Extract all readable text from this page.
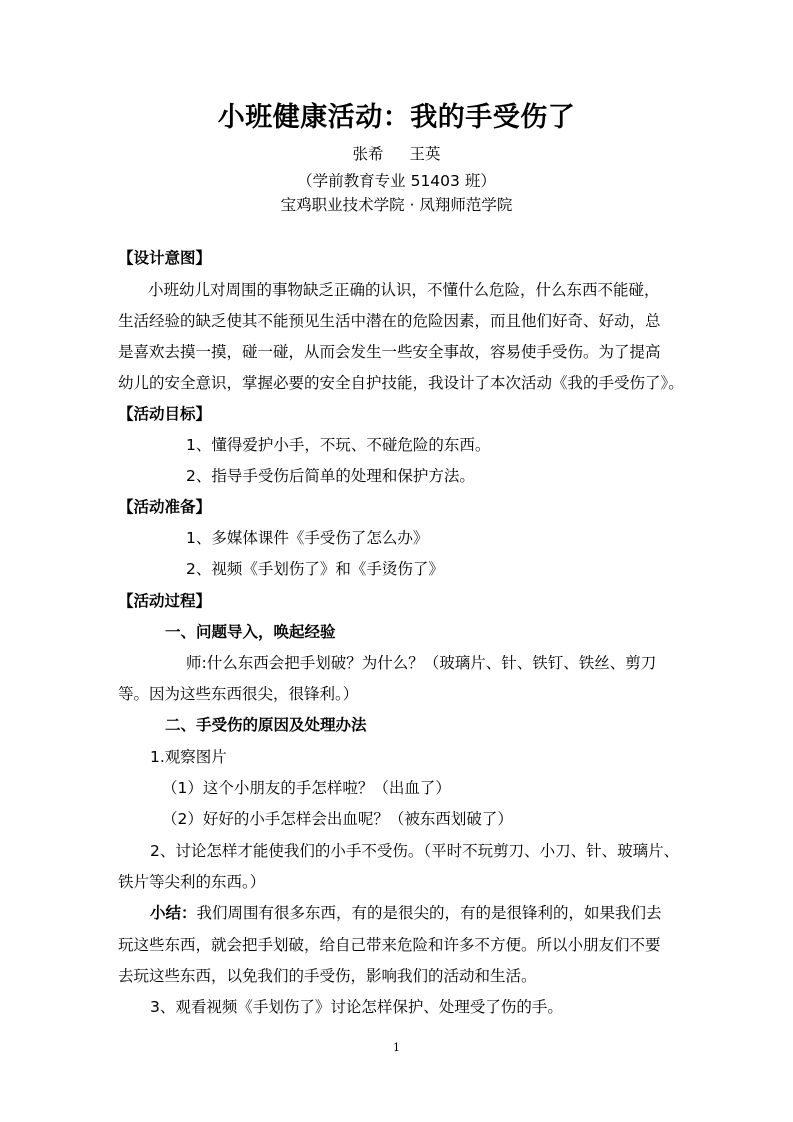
小班健康活动：我的手受伤了
张希 王英
（学前教育专业 51403 班）
宝鸡职业技术学院 · 凤翔师范学院
【设计意图】
小班幼儿对周围的事物缺乏正确的认识，不懂什么危险，什么东西不能碰，
生活经验的缺乏使其不能预见生活中潜在的危险因素，而且他们好奇、好动，总
是喜欢去摸一摸，碰一碰，从而会发生一些安全事故，容易使手受伤。为了提高
幼儿的安全意识，掌握必要的安全自护技能，我设计了本次活动《我的手受伤了》。
【活动目标】
1、懂得爱护小手，不玩、不碰危险的东西。
2、指导手受伤后简单的处理和保护方法。
【活动准备】
1、多媒体课件《手受伤了怎么办》
2、视频《手划伤了》和《手烫伤了》
【活动过程】
一、问题导入，唤起经验
师:什么东西会把手划破？为什么？（玻璃片、针、铁钉、铁丝、剪刀
等。因为这些东西很尖，很锋利。）
二、手受伤的原因及处理办法
1.观察图片
（1）这个小朋友的手怎样啦？（出血了）
（2）好好的小手怎样会出血呢？（被东西划破了）
2、讨论怎样才能使我们的小手不受伤。（平时不玩剪刀、小刀、针、玻璃片、
铁片等尖利的东西。）
小结：我们周围有很多东西，有的是很尖的，有的是很锋利的，如果我们去
玩这些东西，就会把手划破，给自己带来危险和许多不方便。所以小朋友们不要
去玩这些东西，以免我们的手受伤，影响我们的活动和生活。
3、观看视频《手划伤了》讨论怎样保护、处理受了伤的手。
1
